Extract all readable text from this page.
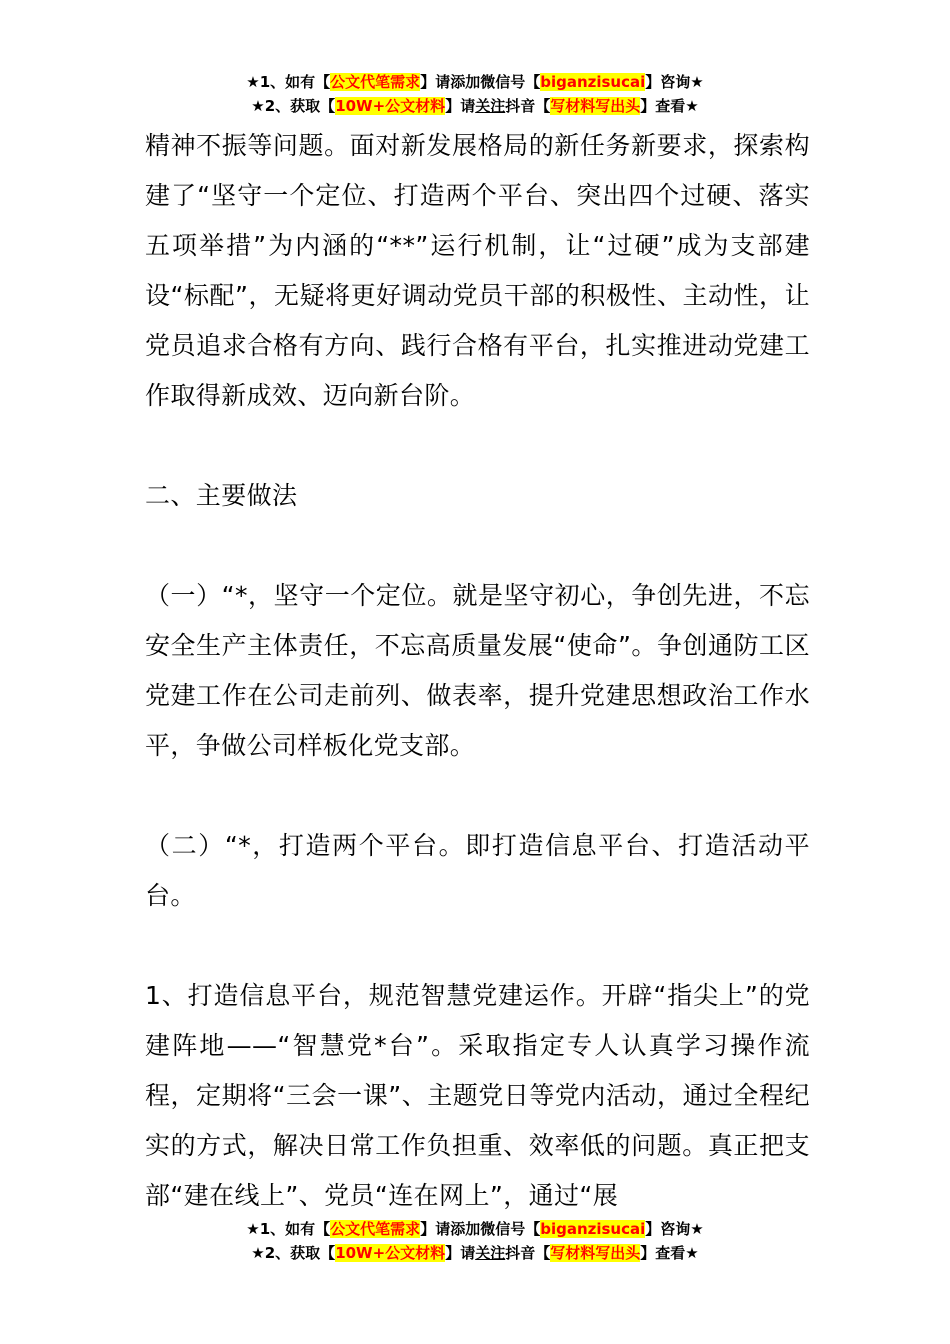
★1、如有【公文代笔需求】请添加微信号【biganzisucai】咨询★
★2、获取【10W+公文材料】请关注抖音【写材料写出头】查看★

精神不振等问题。面对新发展格局的新任务新要求，探索构建了“坚守一个定位、打造两个平台、突出四个过硬、落实五项举措”为内涵的“**”运行机制，让“过硬”成为支部建设“标配”，无疑将更好调动党员干部的积极性、主动性，让党员追求合格有方向、践行合格有平台，扎实推进动党建工作取得新成效、迈向新台阶。

二、主要做法

（一）“*，坚守一个定位。就是坚守初心，争创先进，不忘安全生产主体责任，不忘高质量发展“使命”。争创通防工区党建工作在公司走前列、做表率，提升党建思想政治工作水平，争做公司样板化党支部。

（二）“*，打造两个平台。即打造信息平台、打造活动平台。

1、打造信息平台，规范智慧党建运作。开辟“指尖上”的党建阵地——“智慧党*台”。采取指定专人认真学习操作流程，定期将“三会一课”、主题党日等党内活动，通过全程纪实的方式，解决日常工作负担重、效率低的问题。真正把支部“建在线上”、党员“连在网上”，通过“展

★1、如有【公文代笔需求】请添加微信号【biganzisucai】咨询★
★2、获取【10W+公文材料】请关注抖音【写材料写出头】查看★
